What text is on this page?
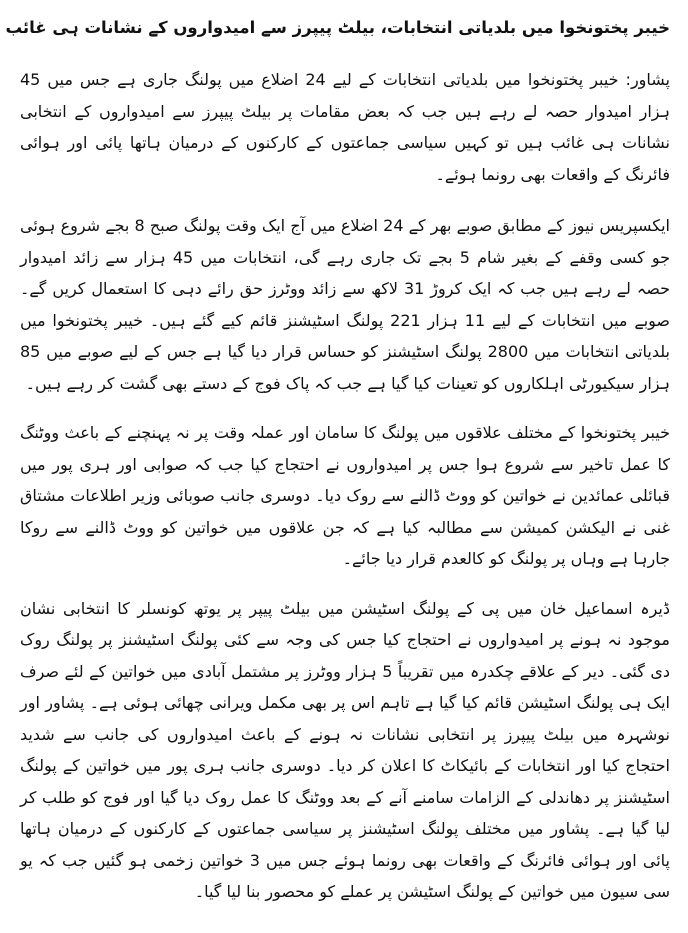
خیبر پختونخوا میں بلدیاتی انتخابات، بیلٹ پیپرز سے امیدواروں کے نشانات ہی غائب

پشاور: خیبر پختونخوا میں بلدیاتی انتخابات کے لیے 24 اضلاع میں پولنگ جاری ہے جس میں 45 ہزار امیدوار حصہ لے رہے ہیں جب کہ بعض مقامات پر بیلٹ پیپرز سے امیدواروں کے انتخابی نشانات ہی غائب ہیں تو کہیں سیاسی جماعتوں کے کارکنوں کے درمیان ہاتھا پائی اور ہوائی فائرنگ کے واقعات بھی رونما ہوئے۔

ایکسپریس نیوز کے مطابق صوبے بھر کے 24 اضلاع میں آج ایک وقت پولنگ صبح 8 بجے شروع ہوئی جو کسی وقفے کے بغیر شام 5 بجے تک جاری رہے گی، انتخابات میں 45 ہزار سے زائد امیدوار حصہ لے رہے ہیں جب کہ ایک کروڑ 31 لاکھ سے زائد ووٹرز حق رائے دہی کا استعمال کریں گے۔ صوبے میں انتخابات کے لیے 11 ہزار 221 پولنگ اسٹیشنز قائم کیے گئے ہیں۔ خیبر پختونخوا میں بلدیاتی انتخابات میں 2800 پولنگ اسٹیشنز کو حساس قرار دیا گیا ہے جس کے لیے صوبے میں 85 ہزار سیکیورٹی اہلکاروں کو تعینات کیا گیا ہے جب کہ پاک فوج کے دستے بھی گشت کر رہے ہیں۔

خیبر پختونخوا کے مختلف علاقوں میں پولنگ کا سامان اور عملہ وقت پر نہ پہنچنے کے باعث ووٹنگ کا عمل تاخیر سے شروع ہوا جس پر امیدواروں نے احتجاج کیا جب کہ صوابی اور ہری پور میں قبائلی عمائدین نے خواتین کو ووٹ ڈالنے سے روک دیا۔ دوسری جانب صوبائی وزیر اطلاعات مشتاق غنی نے الیکشن کمیشن سے مطالبہ کیا ہے کہ جن علاقوں میں خواتین کو ووٹ ڈالنے سے روکا جارہا ہے وہاں پر پولنگ کو کالعدم قرار دیا جائے۔

ڈیرہ اسماعیل خان میں پی کے پولنگ اسٹیشن میں بیلٹ پیپر پر یوتھ کونسلر کا انتخابی نشان موجود نہ ہونے پر امیدواروں نے احتجاج کیا جس کی وجہ سے کئی پولنگ اسٹیشنز پر پولنگ روک دی گئی۔ دیر کے علاقے چکدرہ میں تقریباً 5 ہزار ووٹرز پر مشتمل آبادی میں خواتین کے لئے صرف ایک ہی پولنگ اسٹیشن قائم کیا گیا ہے تاہم اس پر بھی مکمل ویرانی چھائی ہوئی ہے۔ پشاور اور نوشہرہ میں بیلٹ پیپرز پر انتخابی نشانات نہ ہونے کے باعث امیدواروں کی جانب سے شدید احتجاج کیا اور انتخابات کے بائیکاٹ کا اعلان کر دیا۔ دوسری جانب ہری پور میں خواتین کے پولنگ اسٹیشنز پر دھاندلی کے الزامات سامنے آنے کے بعد ووٹنگ کا عمل روک دیا گیا اور فوج کو طلب کر لیا گیا ہے۔ پشاور میں مختلف پولنگ اسٹیشنز پر سیاسی جماعتوں کے کارکنوں کے درمیان ہاتھا پائی اور ہوائی فائرنگ کے واقعات بھی رونما ہوئے جس میں 3 خواتین زخمی ہو گئیں جب کہ یو سی سیون میں خواتین کے پولنگ اسٹیشن پر عملے کو محصور بنا لیا گیا۔
